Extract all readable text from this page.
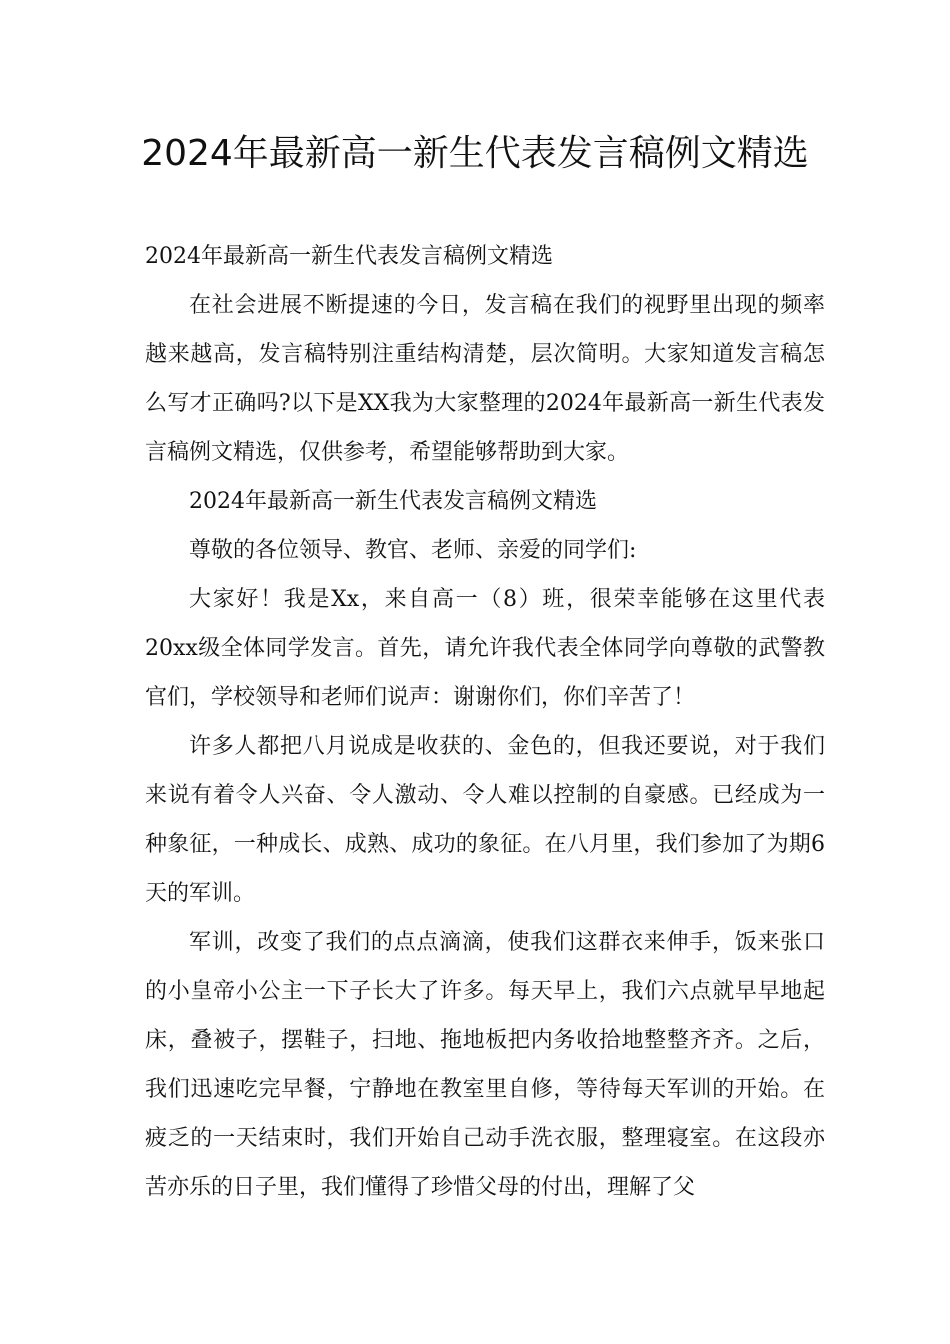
2024年最新高一新生代表发言稿例文精选

2024年最新高一新生代表发言稿例文精选

在社会进展不断提速的今日，发言稿在我们的视野里出现的频率越来越高，发言稿特别注重结构清楚，层次简明。大家知道发言稿怎么写才正确吗?以下是XX我为大家整理的2024年最新高一新生代表发言稿例文精选，仅供参考，希望能够帮助到大家。

2024年最新高一新生代表发言稿例文精选

尊敬的各位领导、教官、老师、亲爱的同学们:

大家好！我是Xx，来自高一（8）班，很荣幸能够在这里代表20xx级全体同学发言。首先，请允许我代表全体同学向尊敬的武警教官们，学校领导和老师们说声：谢谢你们，你们辛苦了！

许多人都把八月说成是收获的、金色的，但我还要说，对于我们来说有着令人兴奋、令人激动、令人难以控制的自豪感。已经成为一种象征，一种成长、成熟、成功的象征。在八月里，我们参加了为期6天的军训。

军训，改变了我们的点点滴滴，使我们这群衣来伸手，饭来张口的小皇帝小公主一下子长大了许多。每天早上，我们六点就早早地起床，叠被子，摆鞋子，扫地、拖地板把内务收拾地整整齐齐。之后，我们迅速吃完早餐，宁静地在教室里自修，等待每天军训的开始。在疲乏的一天结束时，我们开始自己动手洗衣服，整理寝室。在这段亦苦亦乐的日子里，我们懂得了珍惜父母的付出，理解了父
